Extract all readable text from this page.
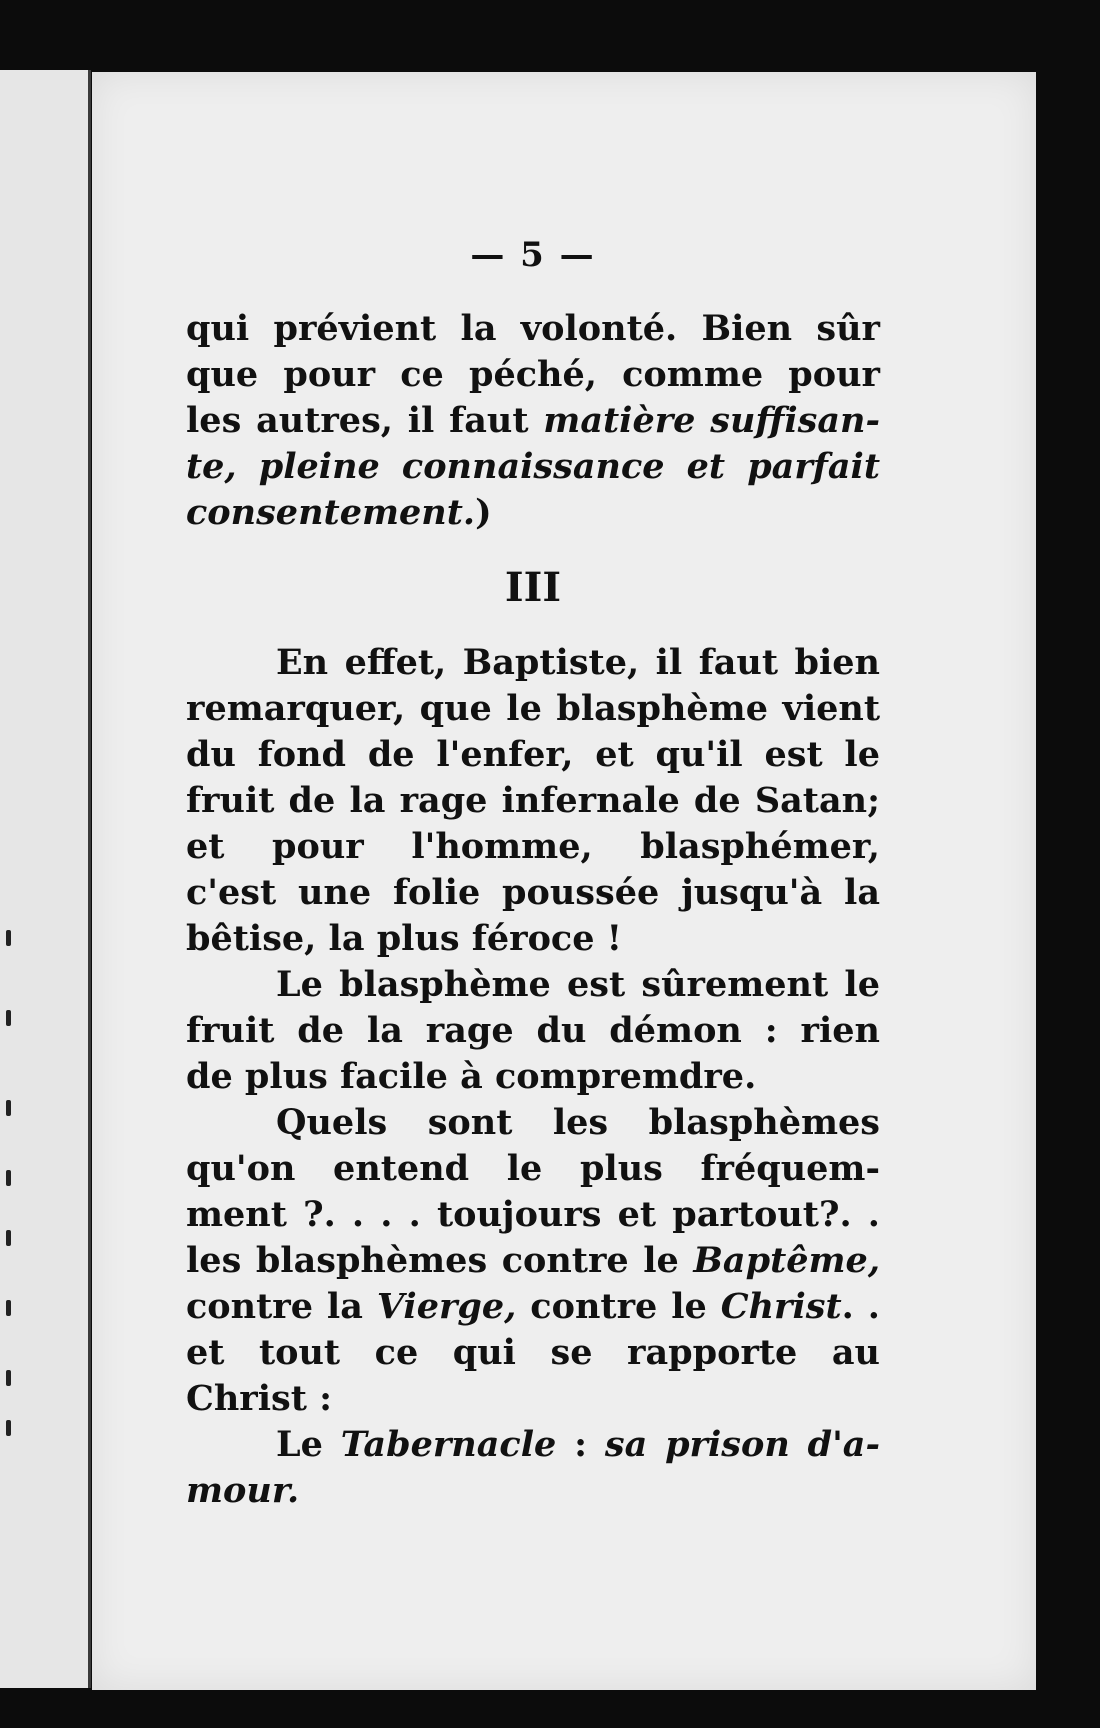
— 5 —
qui prévient la volonté. Bien sûr
que pour ce péché, comme pour
les autres, il faut matière suffisan-
te, pleine connaissance et parfait
consentement.)
III
En effet, Baptiste, il faut bien
remarquer, que le blasphème vient
du fond de l'enfer, et qu'il est le
fruit de la rage infernale de Satan;
et pour l'homme, blasphémer,
c'est une folie poussée jusqu'à la
bêtise, la plus féroce !
Le blasphème est sûrement le
fruit de la rage du démon : rien
de plus facile à compremdre.
Quels sont les blasphèmes
qu'on entend le plus fréquem-
ment ?. . . . toujours et partout?. .
les blasphèmes contre le Baptême,
contre la Vierge, contre le Christ. .
et tout ce qui se rapporte au
Christ :
Le Tabernacle : sa prison d'a-
mour.
